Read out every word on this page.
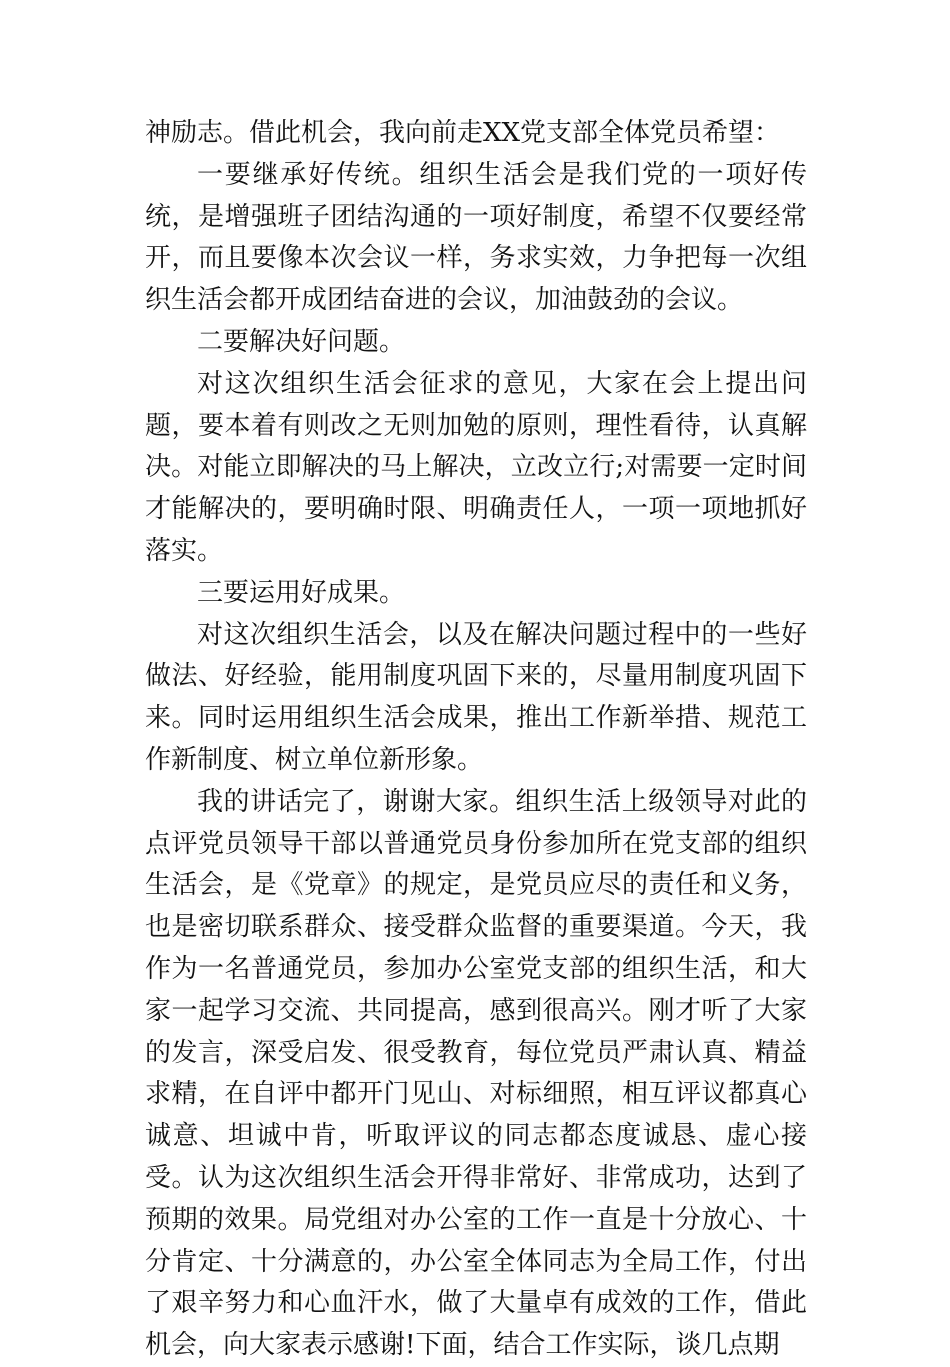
神励志。借此机会，我向前走XX党支部全体党员希望：

一要继承好传统。组织生活会是我们党的一项好传统，是增强班子团结沟通的一项好制度，希望不仅要经常开，而且要像本次会议一样，务求实效，力争把每一次组织生活会都开成团结奋进的会议，加油鼓劲的会议。

二要解决好问题。

对这次组织生活会征求的意见，大家在会上提出问题，要本着有则改之无则加勉的原则，理性看待，认真解决。对能立即解决的马上解决，立改立行;对需要一定时间才能解决的，要明确时限、明确责任人，一项一项地抓好落实。

三要运用好成果。

对这次组织生活会，以及在解决问题过程中的一些好做法、好经验，能用制度巩固下来的，尽量用制度巩固下来。同时运用组织生活会成果，推出工作新举措、规范工作新制度、树立单位新形象。

我的讲话完了，谢谢大家。组织生活上级领导对此的点评党员领导干部以普通党员身份参加所在党支部的组织生活会，是《党章》的规定，是党员应尽的责任和义务，也是密切联系群众、接受群众监督的重要渠道。今天，我作为一名普通党员，参加办公室党支部的组织生活，和大家一起学习交流、共同提高，感到很高兴。刚才听了大家的发言，深受启发、很受教育，每位党员严肃认真、精益求精，在自评中都开门见山、对标细照，相互评议都真心诚意、坦诚中肯，听取评议的同志都态度诚恳、虚心接受。认为这次组织生活会开得非常好、非常成功，达到了预期的效果。局党组对办公室的工作一直是十分放心、十分肯定、十分满意的，办公室全体同志为全局工作，付出了艰辛努力和心血汗水，做了大量卓有成效的工作，借此机会，向大家表示感谢!下面，结合工作实际，谈几点期
